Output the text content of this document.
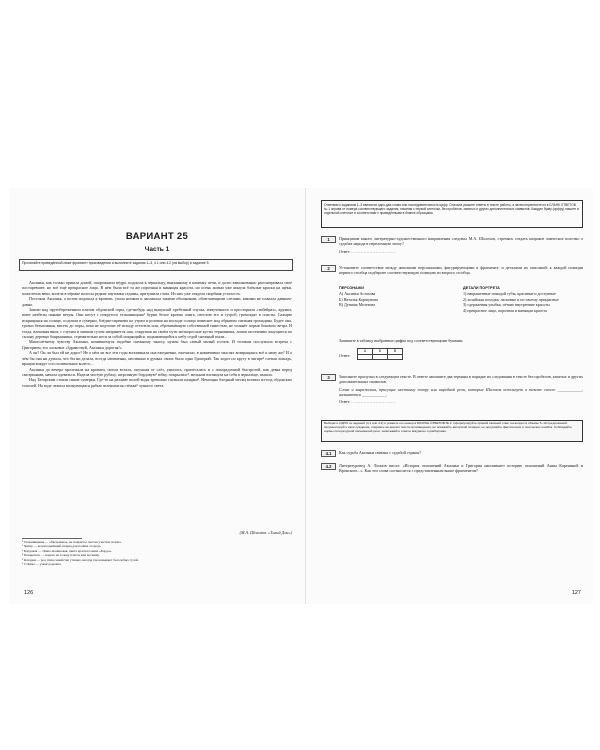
ВАРИАНТ 25
Часть 1
Прочитайте приведённый ниже фрагмент произведения и выполните задания 1–3, 4.1 или 4.2 (на выбор) и задание 5.

Аксинья, как только пришла домой, опорожнила вёдра, подошла к зеркальцу, вмазанному в каменку печи, и долго взволнованно рассматривала своё постаревшее, но всё ещё прекрасное лицо. В нём была всё та же порочная и манящая красота, но осень жизни уже кинула блёклые краски на щёки, пожелтила веки, вплела в чёрные волосы редкие паутинки седины, притушила глаза. Из них уже глядела скорбная усталость.

Постояла Аксинья, а потом подошла к кровати, упала ничком и заплакала такими обильными, облегчающими слезами, какими не плакала давным-давно.

Замою над пругобереженном платом обдонской горы, где-нибудь над выпуклой хребтиной спуска, измученного и просторном «тибейраз», кружит, воют нехбезы пьяные ветры. Они несут с покрутого тельминщина¹ бурые белое кроено синта, светлою его и сугроб, громоздят в пласты. Сажарю искрящаяся на солнце, ослушая в сумерки, блёдно-сиренева по утрам и розовая на восходе солнца повиснет над обрывом снежная громадина. Будет она, грозно безмолвная, висеть до поры, пока не подточит её исподу оттепель или, обременённую собственной тяжестью, не толкнёт порыв бокового ветра. И тогда, влекомая вниз, с глухим и мягким гулом низринется она, сокрушая на своём пути мелкорослые кусты терновника, ломая застенчиво жмущиеся по склону деревца боярышника, стремительно неся за собой искрящийся, подымающийся к небу седой снежный пыли...

Многолетнему чувству Аксиньи, копившемуся подобно снежному заносу, нужен был самый малый толчок. И толчком послужила встреча с Григорием, его ласковое «Здравствуй, Аксинья дорогая!»

А он? Он ли был ей не дорог? Не о нём ли все эти годы вспоминала она ежедневно, ежечасно, в навязчивых мыслях возвращаясь всё к нему же? И о чём бы она ни думала, что бы ни делала, всегда неизменно, неотвязно в думках своих было одно Григорий. Так ходит по кругу в чигире² слепая лошадь, вращая вокруг оси поливальное колесо...

Аксинья до вечера пролежала на кровати, потом встала, опухшая от слёз, умылась, причесалась и с лихорадочной быстротой, как девка перед смотринами, начала одеваться. Надела чистую рубаху, шерстяную бордовую³ юбку, покрылась⁴, мельком взглянула на себя в зеркальце, вышла.

Над Татарским стояли синие сумерки. Где-то на разливе полой воды тревожно гагакали казарки⁵. Немощно бледный месяц вставал из-под обдонских тополей. На воде лежала волнующаяся рябью зеленоватая стёжка⁶ лунного света.

(М.А. Шолохов. «Тихий Дон»)
¹ Тельминщина — обветренное, не покрытое снегом участки склона.
² Чигир — водоподъёмный снаряд для полива огорода.
³ Бордовая — тёмно-малиновая, цвета красного вина «Бордо».
⁴ Покрылась — надела на голову платок или косынку.
⁵ Казарки — род птиц семейства утиных, иногда так называют белолобых гусей.
⁶ Стёжка — узкая дорожка.
126
Ответами к заданиям 1–3 являются одно-два слова или последовательность цифр. Сначала укажите ответы в тексте работы, а затем перенесите их в БЛАНК ОТВЕТОВ № 1 справа от номера соответствующего задания, начиная с первой клеточки, без пробелов, запятых и других дополнительных символов. Каждую букву (цифру) пишите в отдельной клеточке в соответствии с приведёнными в бланке образцами.
1	Принципам какого литературно-художественного направления следовал М.А. Шолохов, стремясь создать широкое эпическое полотно о судьбах народа в переломную эпоху?
Ответ: .............................
2	Установите соответствие между женскими персонажами, фигурирующими в фрагменте, и деталями их описаний: к каждой позиции первого столбца подберите соответствующую позицию из второго столбца.
ПЕРСОНАЖИ
А) Аксинья Астахова
Б) Наталья Коршунова
В) Дуняша Мелехова
ДЕТАЛИ ПОРТРЕТА
1) накрашенные помадой губы, красивые и доступные
2) хозяйская походка, ласковые и по-своему прекрасные
3) сдержанная улыбка, чёткие внутренние красоты
4) прекрасное лицо, порочная и манящая красота
Запишите в таблицу выбранные цифры под соответствующими буквами.
Ответ:
А	Б	В

3	Заполните пропуски в следующем тексте. В ответе запишите два термина в порядке их следования в тексте без пробелов, запятых и других дополнительных символов.
Слова и выражения, присущие местному говору или народной речи, которые Шолохов использует в тексте своего ____________, называются ____________.
Ответ: .............................
Выберите ОДНО из заданий (4.1 или 4.2) и укажите его номер в БЛАНКЕ ОТВЕТОВ № 2. Сформулируйте прямой связный ответ на вопрос в объёме 5–10 предложений. Аргументируйте свои суждения, опираясь на анализ текста произведения, не искажайте авторской позиции, не допускайте фактических и логических ошибок. Соблюдайте нормы литературной письменной речи, записывайте ответы аккуратно и разборчиво.
4.1	Как судьба Аксиньи связана с судьбой страны?
4.2	Литературовед А. Леонов писал: «История отношений Аксиньи и Григория напоминает историю отношений Анны Карениной и Вронского...». Как эти слова соотносятся с представленным выше фрагментом?
127
